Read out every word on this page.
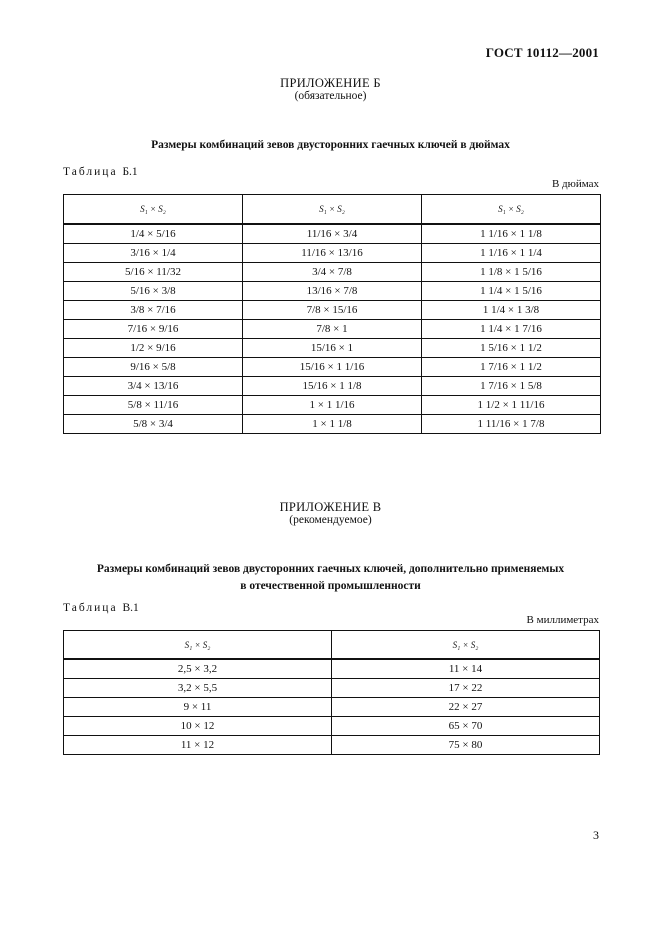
ГОСТ 10112—2001
ПРИЛОЖЕНИЕ Б
(обязательное)
Размеры комбинаций зевов двусторонних гаечных ключей в дюймах
Таблица Б.1
В дюймах
S₁ × S₂	S₁ × S₂	S₁ × S₂
1/4 × 5/16	11/16 × 3/4	1 1/16 × 1 1/8
3/16 × 1/4	11/16 × 13/16	1 1/16 × 1 1/4
5/16 × 11/32	3/4 × 7/8	1 1/8 × 1 5/16
5/16 × 3/8	13/16 × 7/8	1 1/4 × 1 5/16
3/8 × 7/16	7/8 × 15/16	1 1/4 × 1 3/8
7/16 × 9/16	7/8 × 1	1 1/4 × 1 7/16
1/2 × 9/16	15/16 × 1	1 5/16 × 1 1/2
9/16 × 5/8	15/16 × 1 1/16	1 7/16 × 1 1/2
3/4 × 13/16	15/16 × 1 1/8	1 7/16 × 1 5/8
5/8 × 11/16	1 × 1 1/16	1 1/2 × 1 11/16
5/8 × 3/4	1 × 1 1/8	1 11/16 × 1 7/8
ПРИЛОЖЕНИЕ В
(рекомендуемое)
Размеры комбинаций зевов двусторонних гаечных ключей, дополнительно применяемых
в отечественной промышленности
Таблица В.1
В миллиметрах
S₁ × S₂	S₁ × S₂
2,5 × 3,2	11 × 14
3,2 × 5,5	17 × 22
9 × 11	22 × 27
10 × 12	65 × 70
11 × 12	75 × 80
3
